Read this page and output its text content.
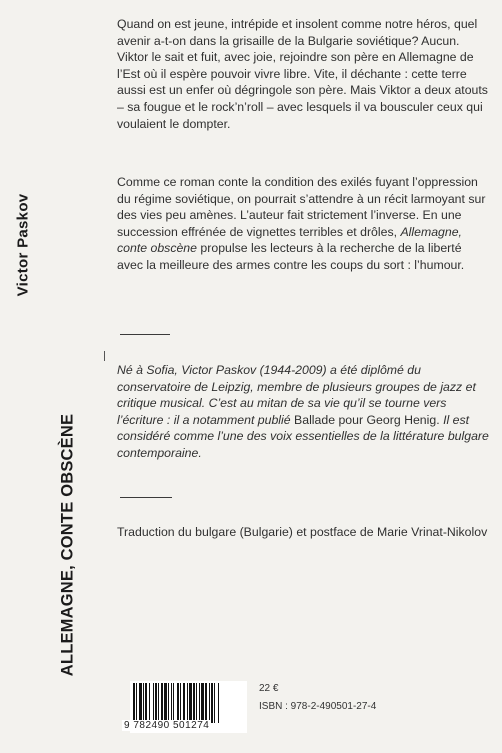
Victor Paskov
ALLEMAGNE, CONTE OBSCÈNE

Quand on est jeune, intrépide et insolent comme notre héros, quel avenir a-t-on dans la grisaille de la Bulgarie soviétique? Aucun. Viktor le sait et fuit, avec joie, rejoindre son père en Allemagne de l’Est où il espère pouvoir vivre libre. Vite, il déchante : cette terre aussi est un enfer où dégringole son père. Mais Viktor a deux atouts – sa fougue et le rock’n’roll – avec lesquels il va bousculer ceux qui voulaient le dompter.

Comme ce roman conte la condition des exilés fuyant l’oppression du régime soviétique, on pourrait s’attendre à un récit larmoyant sur des vies peu amènes. L’auteur fait strictement l’inverse. En une succession effrénée de vignettes terribles et drôles, Allemagne, conte obscène propulse les lecteurs à la recherche de la liberté avec la meilleure des armes contre les coups du sort : l’humour.

Né à Sofia, Victor Paskov (1944-2009) a été diplômé du conservatoire de Leipzig, membre de plusieurs groupes de jazz et critique musical. C’est au mitan de sa vie qu’il se tourne vers l’écriture : il a notamment publié Ballade pour Georg Henig. Il est considéré comme l’une des voix essentielles de la littérature bulgare contemporaine.

Traduction du bulgare (Bulgarie) et postface de Marie Vrinat-Nikolov

9 782490 501274
22 €
ISBN : 978-2-490501-27-4
